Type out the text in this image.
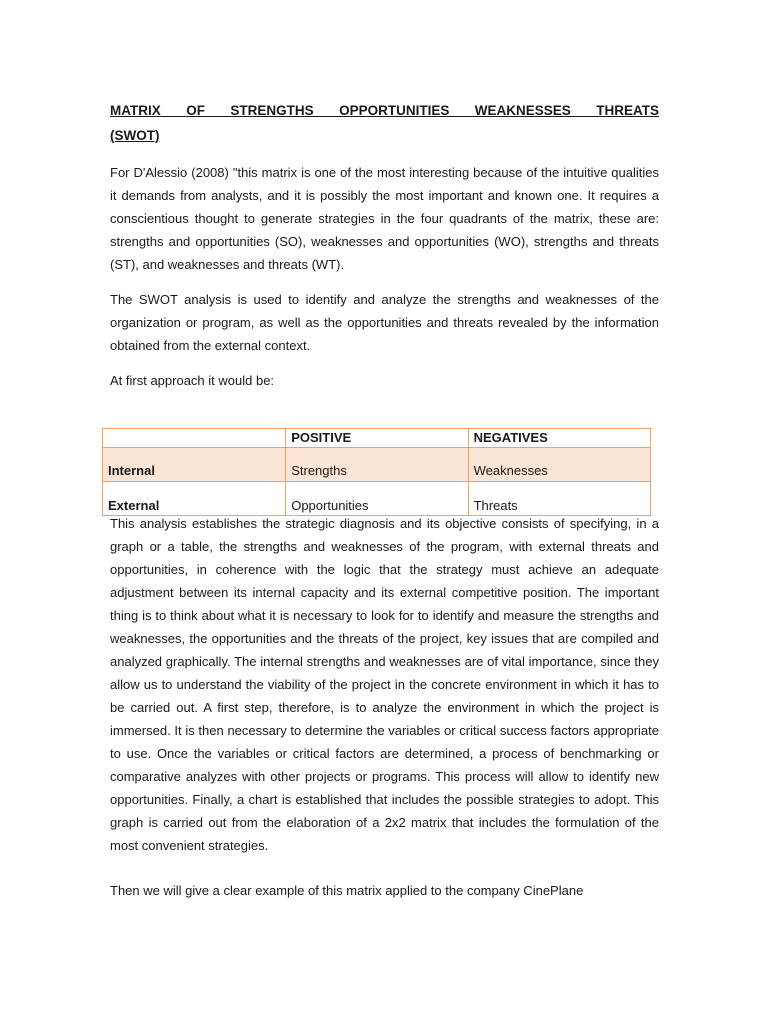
MATRIX OF STRENGTHS OPPORTUNITIES WEAKNESSES THREATS
(SWOT)

For D'Alessio (2008) "this matrix is one of the most interesting because of the intuitive qualities it demands from analysts, and it is possibly the most important and known one. It requires a conscientious thought to generate strategies in the four quadrants of the matrix, these are: strengths and opportunities (SO), weaknesses and opportunities (WO), strengths and threats (ST), and weaknesses and threats (WT).

The SWOT analysis is used to identify and analyze the strengths and weaknesses of the organization or program, as well as the opportunities and threats revealed by the information obtained from the external context.

At first approach it would be:

	POSITIVE	NEGATIVES
Internal	Strengths	Weaknesses
External	Opportunities	Threats
This analysis establishes the strategic diagnosis and its objective consists of specifying, in a graph or a table, the strengths and weaknesses of the program, with external threats and opportunities, in coherence with the logic that the strategy must achieve an adequate adjustment between its internal capacity and its external competitive position. The important thing is to think about what it is necessary to look for to identify and measure the strengths and weaknesses, the opportunities and the threats of the project, key issues that are compiled and analyzed graphically. The internal strengths and weaknesses are of vital importance, since they allow us to understand the viability of the project in the concrete environment in which it has to be carried out. A first step, therefore, is to analyze the environment in which the project is immersed. It is then necessary to determine the variables or critical success factors appropriate to use. Once the variables or critical factors are determined, a process of benchmarking or comparative analyzes with other projects or programs. This process will allow to identify new opportunities. Finally, a chart is established that includes the possible strategies to adopt. This graph is carried out from the elaboration of a 2x2 matrix that includes the formulation of the most convenient strategies.
Then we will give a clear example of this matrix applied to the company CinePlane
